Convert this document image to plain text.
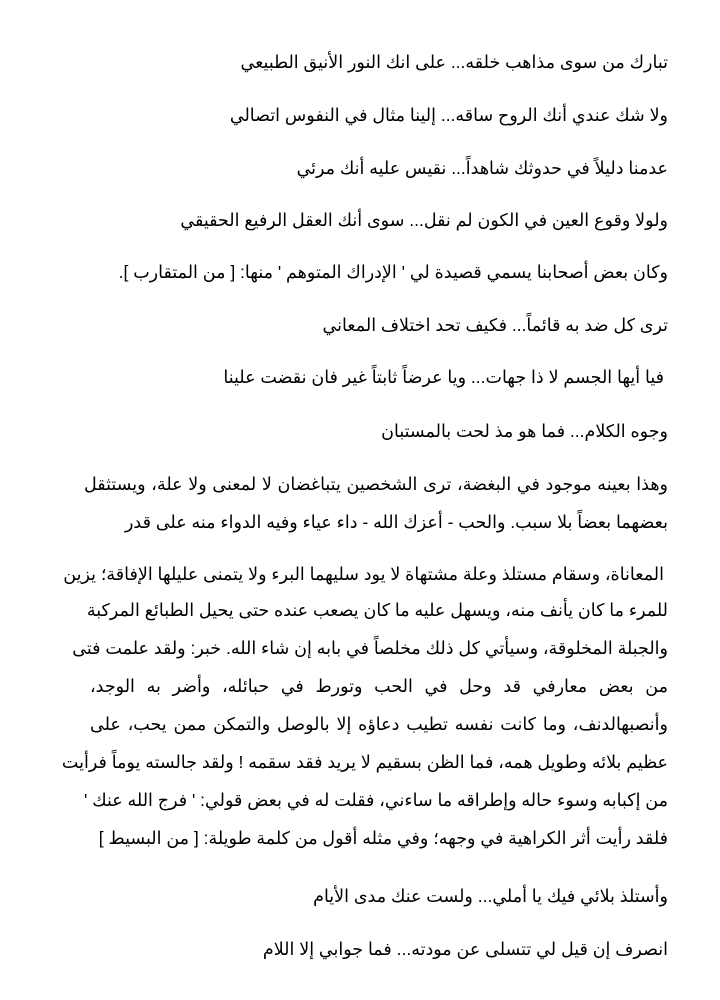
تبارك من سوى مذاهب خلقه... على انك النور الأنيق الطبيعي

ولا شك عندي أنك الروح ساقه... إلينا مثال في النفوس اتصالي

عدمنا دليلاً في حدوثك شاهداً... نقيس عليه أنك مرئي

ولولا وقوع العين في الكون لم نقل... سوى أنك العقل الرفيع الحقيقي

وكان بعض أصحابنا يسمي قصيدة لي ' الإدراك المتوهم ' منها: [ من المتقارب ].

ترى كل ضد به قائماً... فكيف تحد اختلاف المعاني

فيا أيها الجسم لا ذا جهات... ويا عرضاً ثابتاً غير فان نقضت علينا

وجوه الكلام... فما هو مذ لحت بالمستبان

وهذا بعينه موجود في البغضة، ترى الشخصين يتباغضان لا لمعنى ولا علة، ويستثقل

بعضهما بعضاً بلا سبب. والحب - أعزك الله - داء عياء وفيه الدواء منه على قدر

المعاناة، وسقام مستلذ وعلة مشتهاة لا يود سليهما البرء ولا يتمنى عليلها الإفاقة؛ يزين

للمرء ما كان يأنف منه، ويسهل عليه ما كان يصعب عنده حتى يحيل الطبائع المركبة

والجبلة المخلوقة، وسيأتي كل ذلك مخلصاً في بابه إن شاء الله. خبر: ولقد علمت فتى

من بعض معارفي قد وحل في الحب وتورط في حبائله، وأضر به الوجد،

وأنصبهالدنف، وما كانت نفسه تطيب دعاؤه إلا بالوصل والتمكن ممن يحب، على

عظيم بلائه وطويل همه، فما الظن بسقيم لا يريد فقد سقمه ! ولقد جالسته يوماً فرأيت

من إكبابه وسوء حاله وإطراقه ما ساءني، فقلت له في بعض قولي: ' فرج الله عنك '

فلقد رأيت أثر الكراهية في وجهه؛ وفي مثله أقول من كلمة طويلة: [ من البسيط ]

وأستلذ بلائي فيك يا أملي... ولست عنك مدى الأيام

انصرف إن قيل لي تتسلى عن مودته... فما جوابي إلا اللام
